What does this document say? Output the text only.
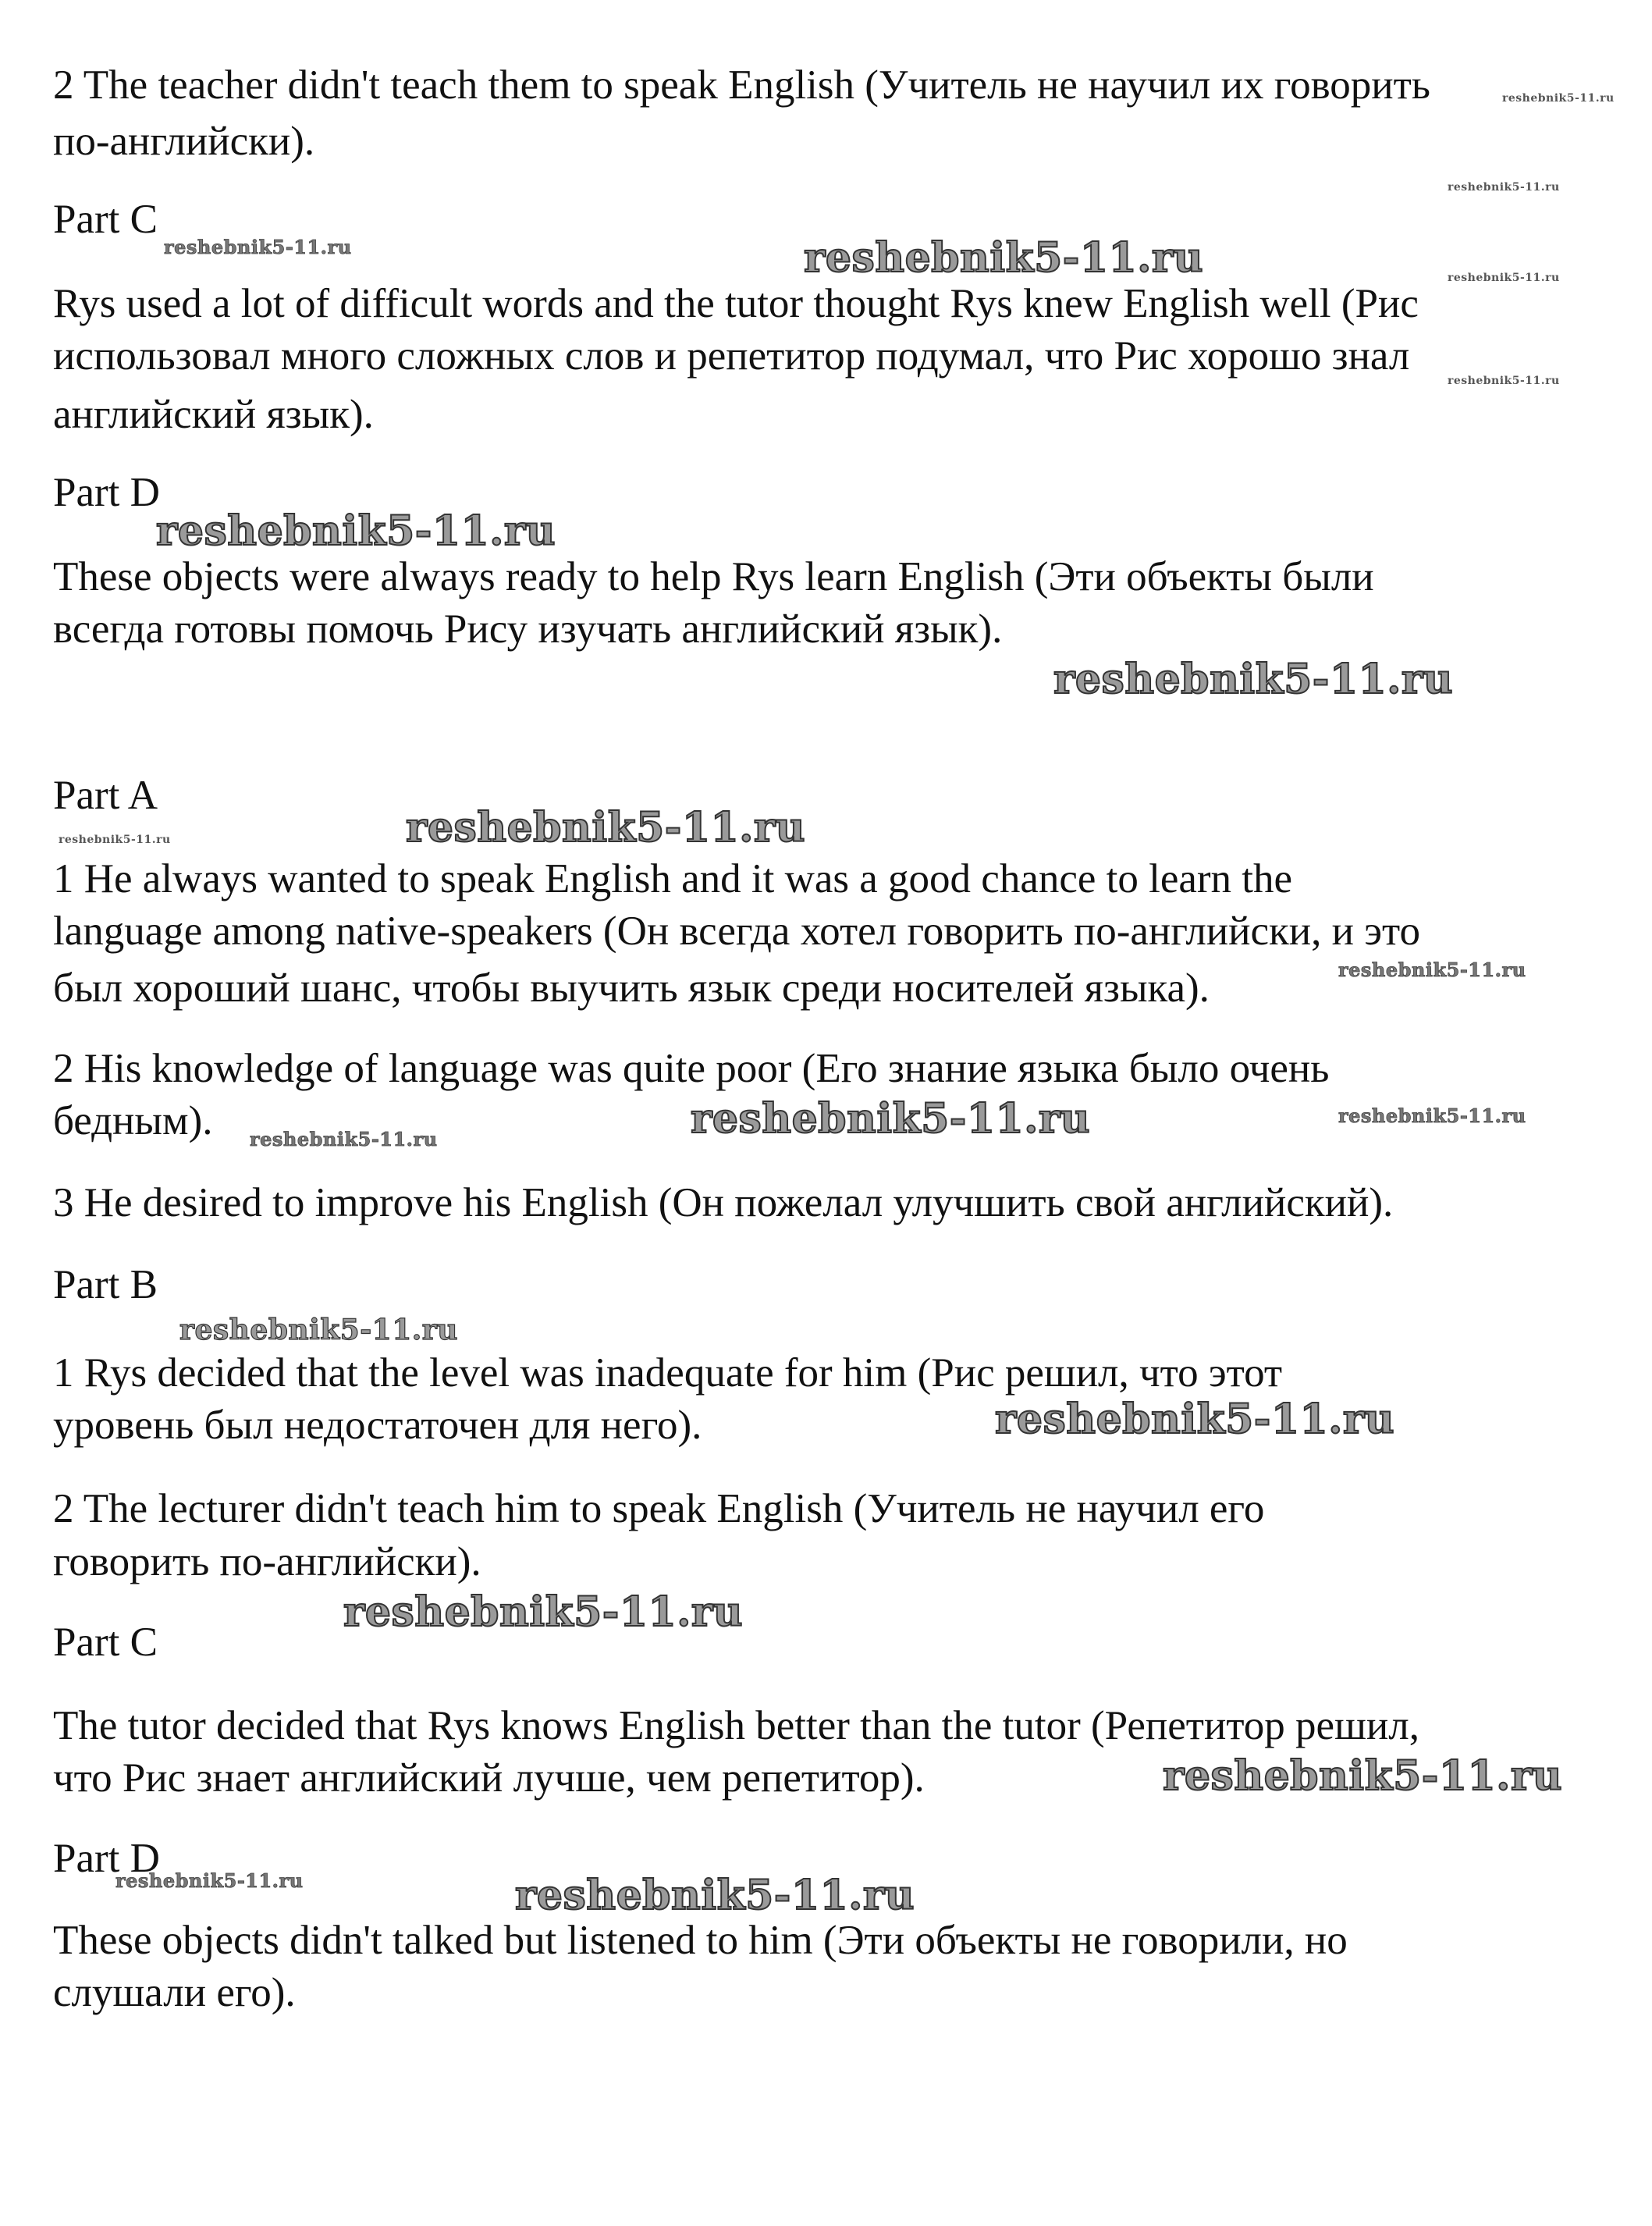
2 The teacher didn't teach them to speak English (Учитель не научил их говорить

по-английски).

Part C

Rys used a lot of difficult words and the tutor thought Rys knew English well (Рис

использовал много сложных слов и репетитор подумал, что Рис хорошо знал

английский язык).

Part D

These objects were always ready to help Rys learn English (Эти объекты были

всегда готовы помочь Рису изучать английский язык).

Part A

1 He always wanted to speak English and it was a good chance to learn the

language among native-speakers (Он всегда хотел говорить по-английски, и это

был хороший шанс, чтобы выучить язык среди носителей языка).

2 His knowledge of language was quite poor (Его знание языка было очень

бедным).

3 He desired to improve his English (Он пожелал улучшить свой английский).

Part B

1 Rys decided that the level was inadequate for him (Рис решил, что этот

уровень был недостаточен для него).

2 The lecturer didn't teach him to speak English (Учитель не научил его

говорить по-английски).

Part C

The tutor decided that Rys knows English better than the tutor (Репетитор решил,

что Рис знает английский лучше, чем репетитор).

Part D

These objects didn't talked but listened to him (Эти объекты не говорили, но

слушали его).

reshebnik5-11.ru
reshebnik5-11.ru
reshebnik5-11.ru	reshebnik5-11.ru	reshebnik5-11.ru
reshebnik5-11.ru
reshebnik5-11.ru
reshebnik5-11.ru
reshebnik5-11.ru	reshebnik5-11.ru
reshebnik5-11.ru
reshebnik5-11.ru	reshebnik5-11.ru	reshebnik5-11.ru
reshebnik5-11.ru
reshebnik5-11.ru
reshebnik5-11.ru
reshebnik5-11.ru
reshebnik5-11.ru	reshebnik5-11.ru
